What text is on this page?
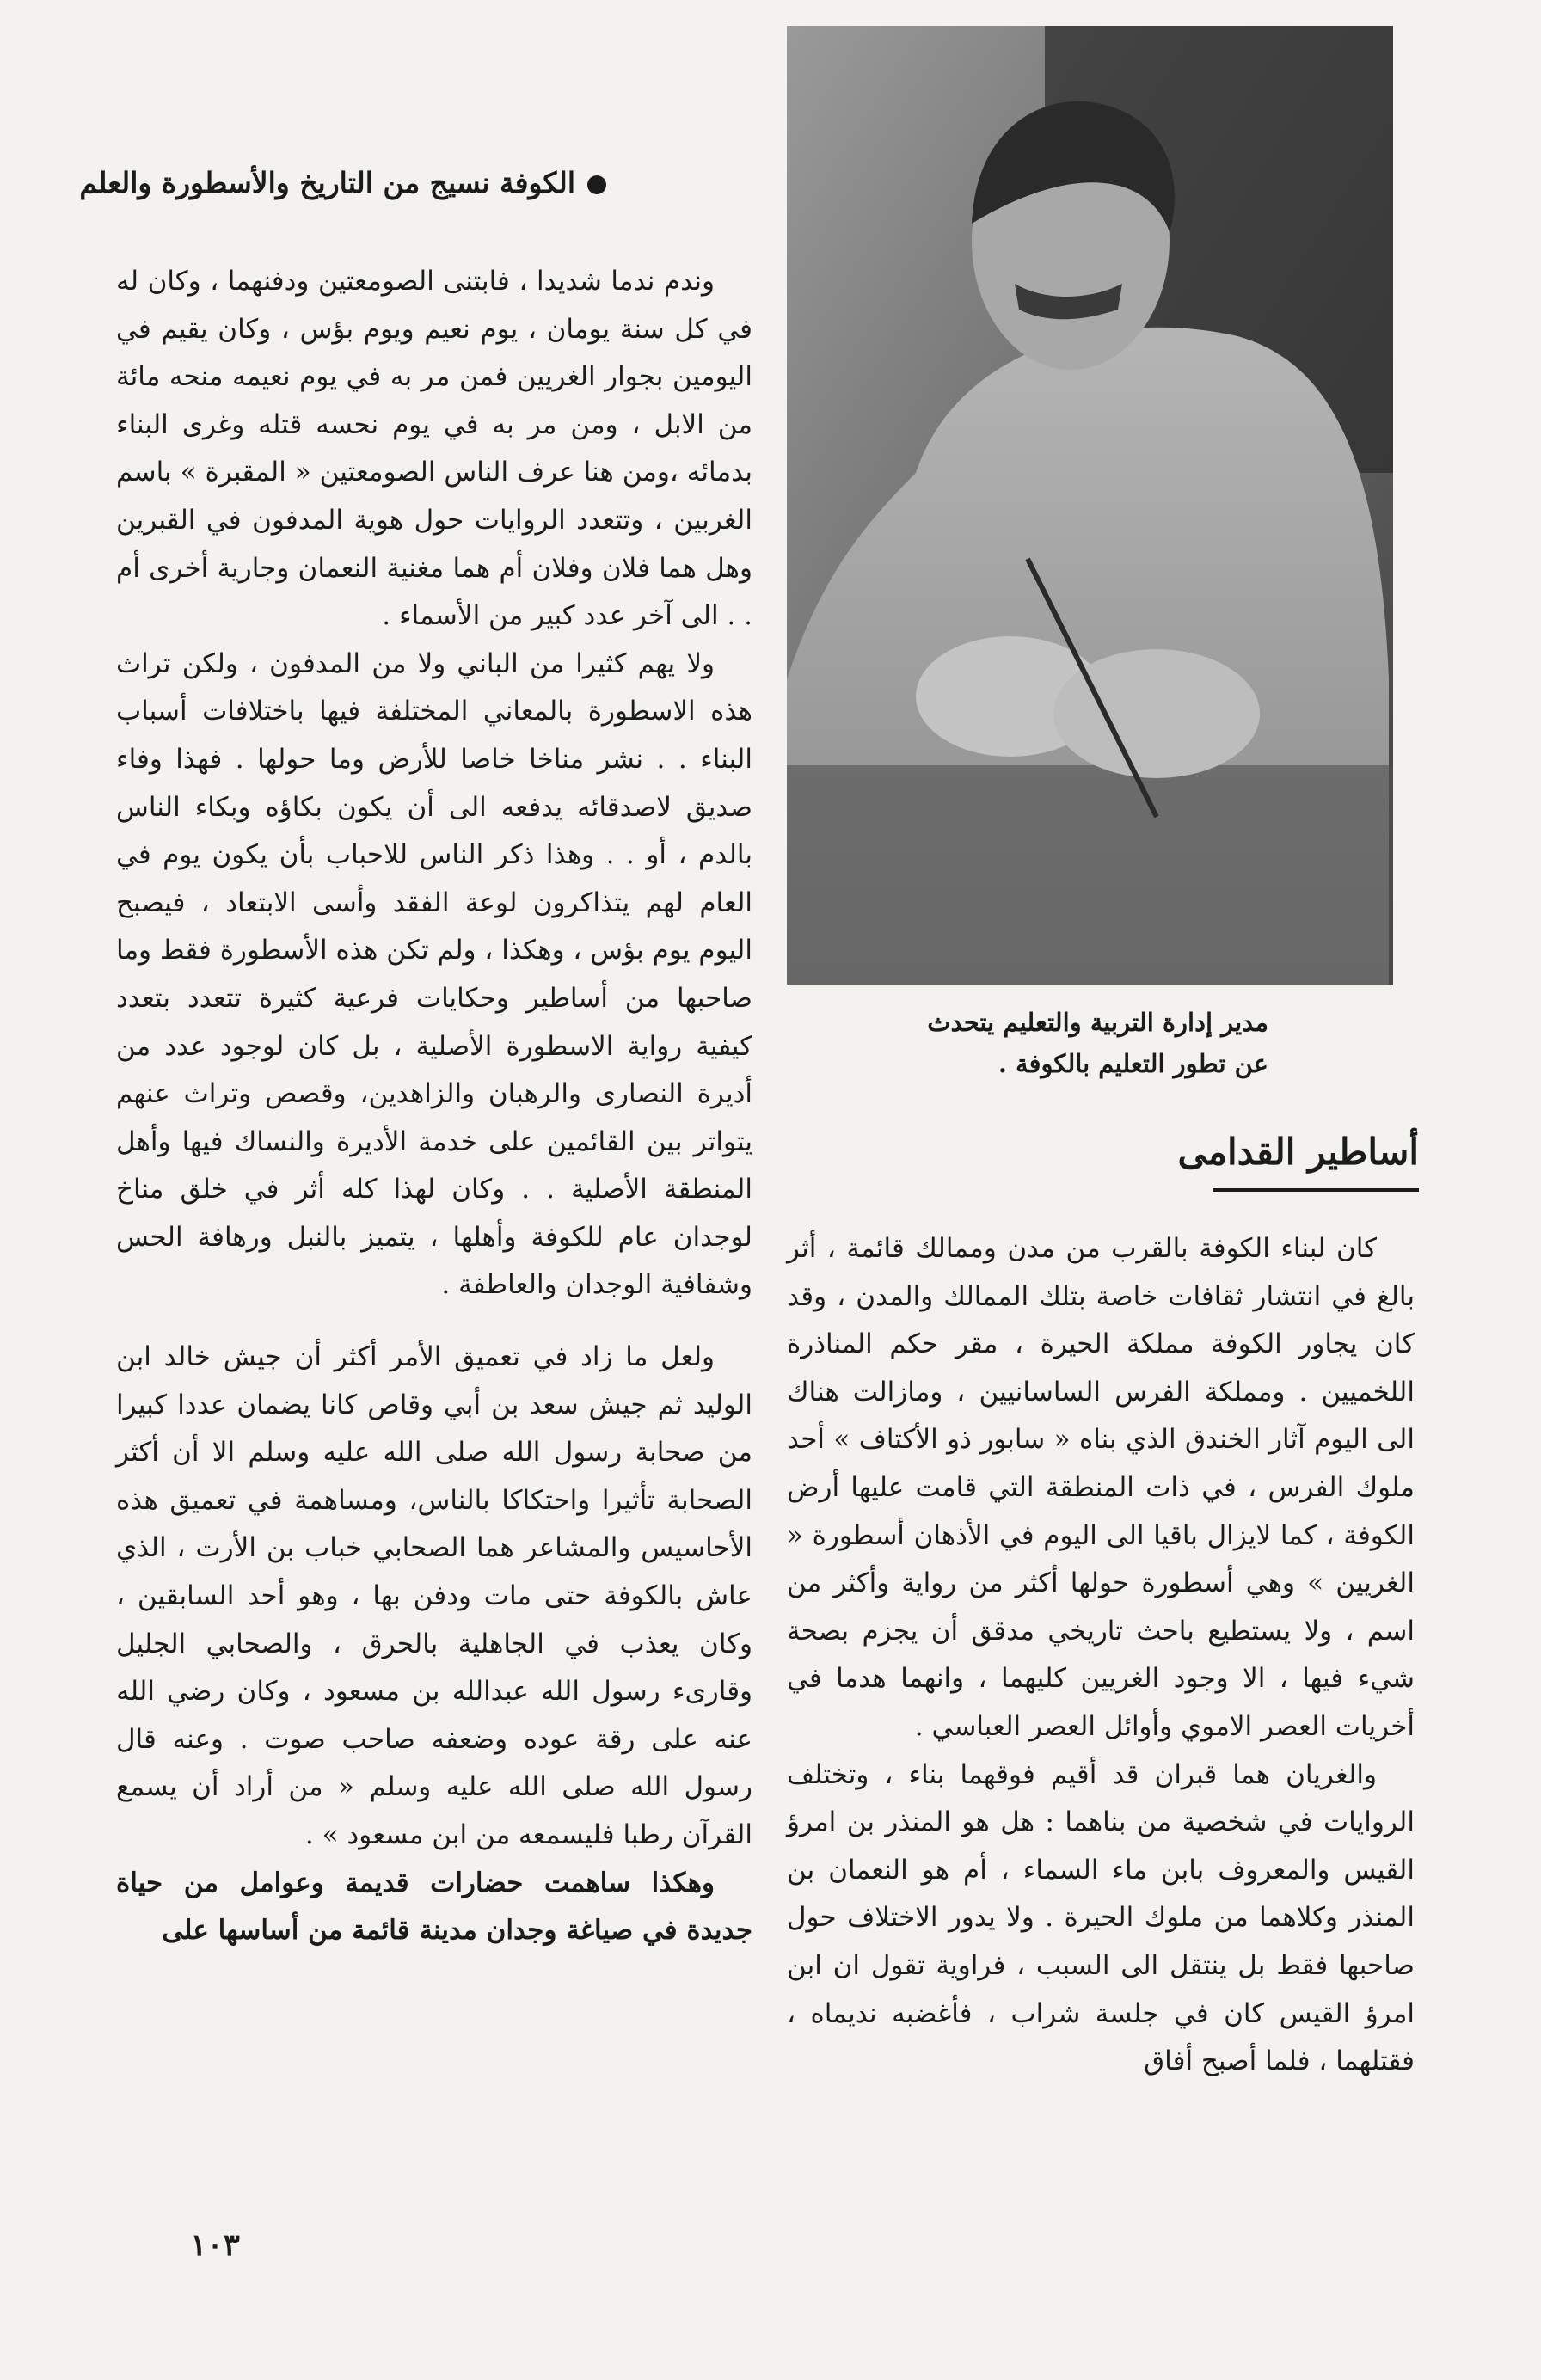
الكوفة نسيج من التاريخ والأسطورة والعلم

وندم ندما شديدا ، فابتنى الصومعتين ودفنهما ، وكان له في كل سنة يومان ، يوم نعيم ويوم بؤس ، وكان يقيم في اليومين بجوار الغريين فمن مر به في يوم نعيمه منحه مائة من الابل ، ومن مر به في يوم نحسه قتله وغرى البناء بدمائه ،ومن هنا عرف الناس الصومعتين « المقبرة » باسم الغربين ، وتتعدد الروايات حول هوية المدفون في القبرين وهل هما فلان وفلان أم هما مغنية النعمان وجارية أخرى أم . . الى آخر عدد كبير من الأسماء .

ولا يهم كثيرا من الباني ولا من المدفون ، ولكن تراث هذه الاسطورة بالمعاني المختلفة فيها باختلافات أسباب البناء . . نشر مناخا خاصا للأرض وما حولها . فهذا وفاء صديق لاصدقائه يدفعه الى أن يكون بكاؤه وبكاء الناس بالدم ، أو . . وهذا ذكر الناس للاحباب بأن يكون يوم في العام لهم يتذاكرون لوعة الفقد وأسى الابتعاد ، فيصبح اليوم يوم بؤس ، وهكذا ، ولم تكن هذه الأسطورة فقط وما صاحبها من أساطير وحكايات فرعية كثيرة تتعدد بتعدد كيفية رواية الاسطورة الأصلية ، بل كان لوجود عدد من أديرة النصارى والرهبان والزاهدين، وقصص وتراث عنهم يتواتر بين القائمين على خدمة الأديرة والنساك فيها وأهل المنطقة الأصلية . . وكان لهذا كله أثر في خلق مناخ لوجدان عام للكوفة وأهلها ، يتميز بالنبل ورهافة الحس وشفافية الوجدان والعاطفة .

ولعل ما زاد في تعميق الأمر أكثر أن جيش خالد ابن الوليد ثم جيش سعد بن أبي وقاص كانا يضمان عددا كبيرا من صحابة رسول الله صلى الله عليه وسلم الا أن أكثر الصحابة تأثيرا واحتكاكا بالناس، ومساهمة في تعميق هذه الأحاسيس والمشاعر هما الصحابي خباب بن الأرت ، الذي عاش بالكوفة حتى مات ودفن بها ، وهو أحد السابقين ، وكان يعذب في الجاهلية بالحرق ، والصحابي الجليل وقارىء رسول الله عبدالله بن مسعود ، وكان رضي الله عنه على رقة عوده وضعفه صاحب صوت . وعنه قال رسول الله صلى الله عليه وسلم « من أراد أن يسمع القرآن رطبا فليسمعه من ابن مسعود » .

وهكذا ساهمت حضارات قديمة وعوامل من حياة جديدة في صياغة وجدان مدينة قائمة من أساسها على

مدير إدارة التربية والتعليم يتحدث
عن تطور التعليم بالكوفة .
أساطير القدامى

كان لبناء الكوفة بالقرب من مدن وممالك قائمة ، أثر بالغ في انتشار ثقافات خاصة بتلك الممالك والمدن ، وقد كان يجاور الكوفة مملكة الحيرة ، مقر حكم المناذرة اللخميين . ومملكة الفرس الساسانيين ، ومازالت هناك الى اليوم آثار الخندق الذي بناه « سابور ذو الأكتاف » أحد ملوك الفرس ، في ذات المنطقة التي قامت عليها أرض الكوفة ، كما لايزال باقيا الى اليوم في الأذهان أسطورة « الغريين » وهي أسطورة حولها أكثر من رواية وأكثر من اسم ، ولا يستطيع باحث تاريخي مدقق أن يجزم بصحة شيء فيها ، الا وجود الغريين كليهما ، وانهما هدما في أخريات العصر الاموي وأوائل العصر العباسي .

والغريان هما قبران قد أقيم فوقهما بناء ، وتختلف الروايات في شخصية من بناهما : هل هو المنذر بن امرؤ القيس والمعروف بابن ماء السماء ، أم هو النعمان بن المنذر وكلاهما من ملوك الحيرة . ولا يدور الاختلاف حول صاحبها فقط بل ينتقل الى السبب ، فراوية تقول ان ابن امرؤ القيس كان في جلسة شراب ، فأغضبه نديماه ، فقتلهما ، فلما أصبح أفاق

١٠٣
